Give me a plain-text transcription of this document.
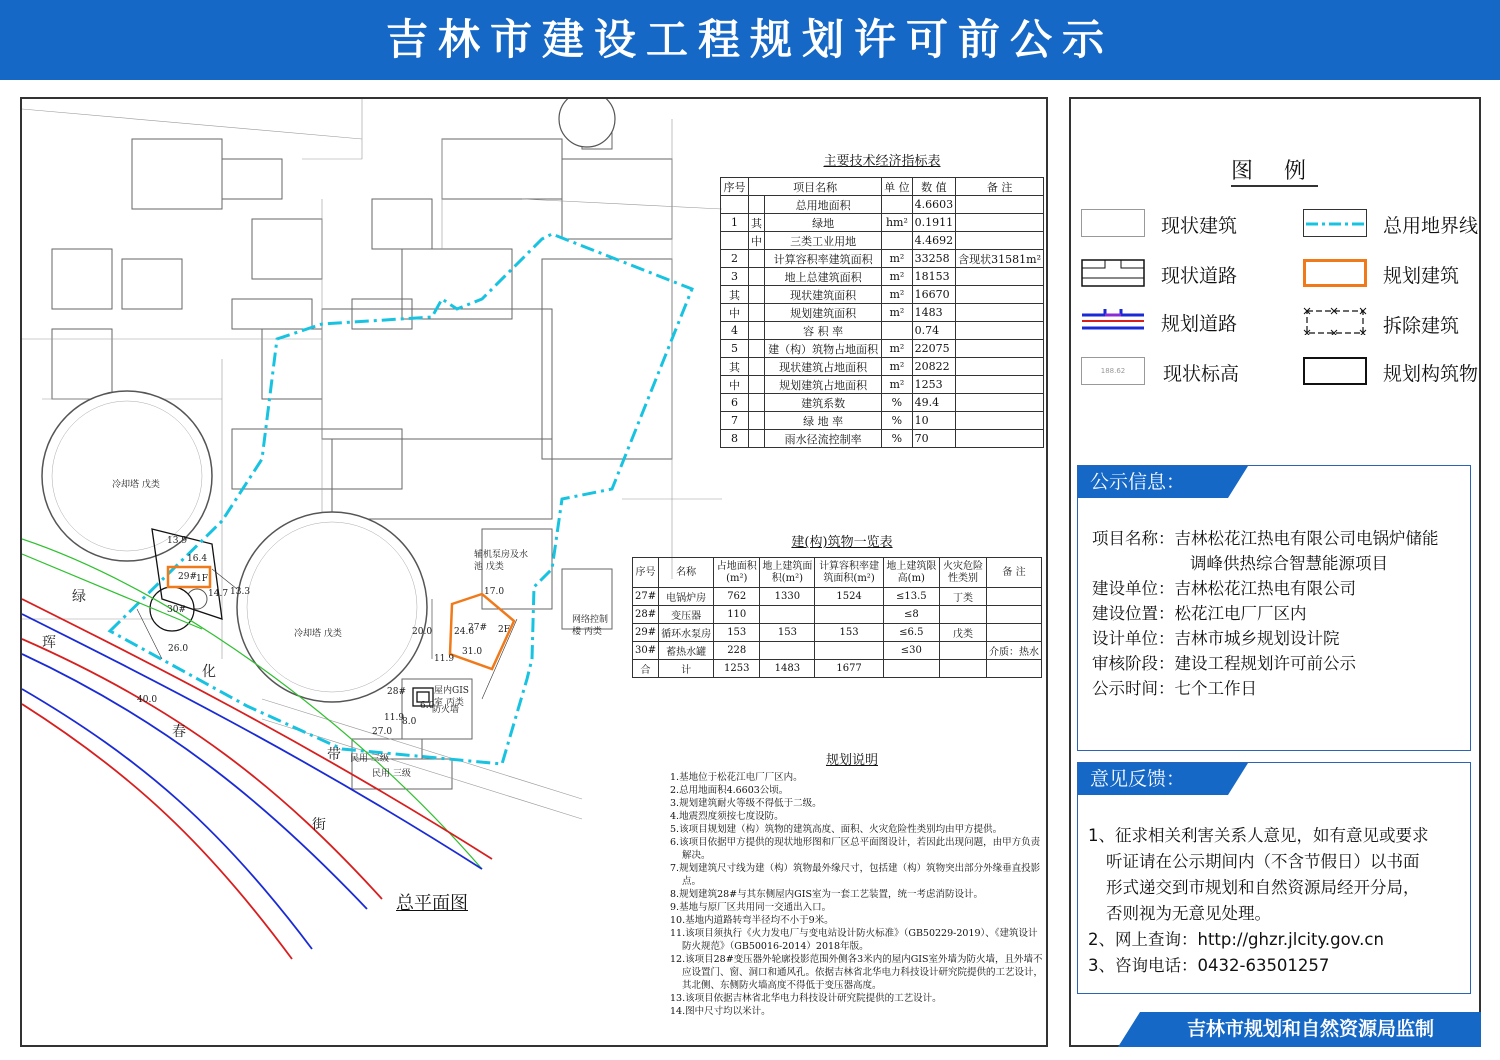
吉林市建设工程规划许可前公示
冷却塔 戊类
冷却塔 戊类
辅机泵房及水池 戊类
网络控制楼 丙类
屋内GIS室 丙类
防火墙
民用 三级
民用 三级
27# 2F
29# 1F
30#
28#
31.0
24.6
13.3
16.4
11.9
17.0
20.0
11.9
27.0
8.0
6.0
40.0
26.0
13.9
14.7
珲
春
街
绿
化
带
总平面图
主要技术经济指标表
序号	项目名称		单 位	数 值	备 注
		总用地面积		4.6603	
1	其	绿地	hm²	0.1911	
	中	三类工业用地		4.4692	
2		计算容积率建筑面积	m²	33258	含现状31581m²
3		地上总建筑面积	m²	18153	
其		现状建筑面积	m²	16670	
中		规划建筑面积	m²	1483	
4		容 积 率		0.74	
5		建（构）筑物占地面积	m²	22075	
其		现状建筑占地面积	m²	20822	
中		规划建筑占地面积	m²	1253	
6		建筑系数	%	49.4	
7		绿 地 率	%	10	
8		雨水径流控制率	%	70	
建(构)筑物一览表
序号	名称	占地面积(m²)	地上建筑面积(m²)	计算容积率建筑面积(m²)	地上建筑限高(m)	火灾危险性类别	备 注
27#	电锅炉房	762	1330	1524	≤13.5	丁类	
28#	变压器	110			≤8		
29#	循环水泵房	153	153	153	≤6.5	戊类	
30#	蓄热水罐	228			≤30		介质：热水
合	计	1253	1483	1677			
规划说明
1.基地位于松花江电厂厂区内。
2.总用地面积4.6603公顷。
3.规划建筑耐火等级不得低于二级。
4.地震烈度须按七度设防。
5.该项目规划建（构）筑物的建筑高度、面积、火灾危险性类别均由甲方提供。
6.该项目依据甲方提供的现状地形图和厂区总平面图设计，若因此出现问题，由甲方负责解决。
7.规划建筑尺寸线为建（构）筑物最外缘尺寸，包括建（构）筑物突出部分外缘垂直投影点。
8.规划建筑28#与其东侧屋内GIS室为一套工艺装置，统一考虑消防设计。
9.基地与原厂区共用同一交通出入口。
10.基地内道路转弯半径均不小于9米。
11.该项目须执行《火力发电厂与变电站设计防火标准》（GB50229-2019）、《建筑设计防火规范》（GB50016-2014）2018年版。
12.该项目28#变压器外轮廓投影范围外侧各3米内的屋内GIS室外墙为防火墙，且外墙不应设置门、窗、洞口和通风孔。依据吉林省北华电力科技设计研究院提供的工艺设计，其北侧、东侧防火墙高度不得低于变压器高度。
13.该项目依据吉林省北华电力科技设计研究院提供的工艺设计。
14.图中尺寸均以米计。
图 例
现状建筑	总用地界线
现状道路	规划建筑
规划道路	拆除建筑
188.62	现状标高	规划构筑物
公示信息：
项目名称：吉林松花江热电有限公司电锅炉储能
调峰供热综合智慧能源项目
建设单位：吉林松花江热电有限公司
建设位置：松花江电厂厂区内
设计单位：吉林市城乡规划设计院
审核阶段：建设工程规划许可前公示
公示时间：七个工作日
意见反馈：
1、征求相关利害关系人意见，如有意见或要求
听证请在公示期间内（不含节假日）以书面
形式递交到市规划和自然资源局经开分局，
否则视为无意见处理。
2、网上查询：http://ghzr.jlcity.gov.cn
3、咨询电话：0432-63501257
吉林市规划和自然资源局监制
